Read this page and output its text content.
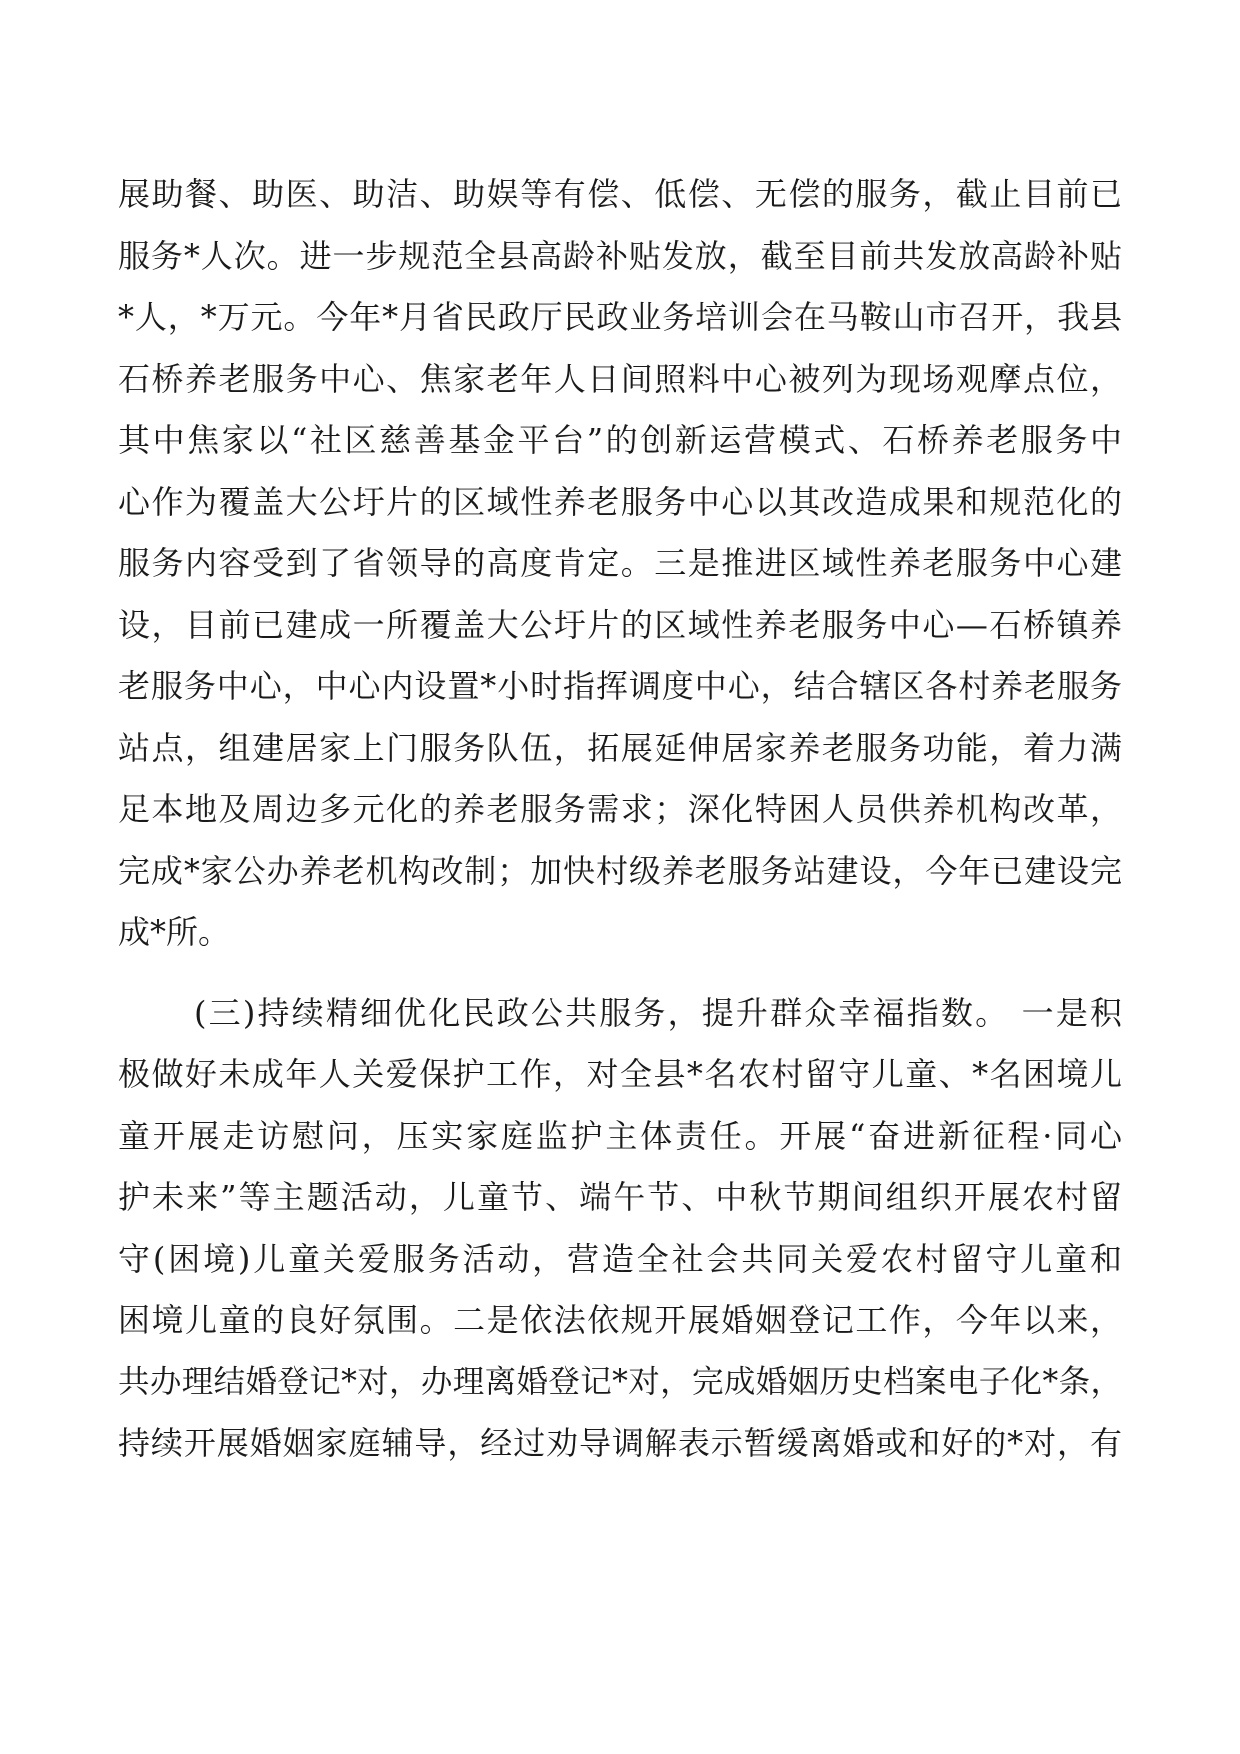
展助餐、助医、助洁、助娱等有偿、低偿、无偿的服务，截止目前已
服务*人次。进一步规范全县高龄补贴发放，截至目前共发放高龄补贴
*人，*万元。今年*月省民政厅民政业务培训会在马鞍山市召开，我县
石桥养老服务中心、焦家老年人日间照料中心被列为现场观摩点位，
其中焦家以“社区慈善基金平台”的创新运营模式、石桥养老服务中
心作为覆盖大公圩片的区域性养老服务中心以其改造成果和规范化的
服务内容受到了省领导的高度肯定。三是推进区域性养老服务中心建
设，目前已建成一所覆盖大公圩片的区域性养老服务中心—石桥镇养
老服务中心，中心内设置*小时指挥调度中心，结合辖区各村养老服务
站点，组建居家上门服务队伍，拓展延伸居家养老服务功能，着力满
足本地及周边多元化的养老服务需求；深化特困人员供养机构改革，
完成*家公办养老机构改制；加快村级养老服务站建设，今年已建设完
成*所。
(三)持续精细优化民政公共服务，提升群众幸福指数。 一是积
极做好未成年人关爱保护工作，对全县*名农村留守儿童、*名困境儿
童开展走访慰问，压实家庭监护主体责任。开展“奋进新征程·同心
护未来”等主题活动，儿童节、端午节、中秋节期间组织开展农村留
守(困境)儿童关爱服务活动，营造全社会共同关爱农村留守儿童和
困境儿童的良好氛围。二是依法依规开展婚姻登记工作，今年以来，
共办理结婚登记*对，办理离婚登记*对，完成婚姻历史档案电子化*条，
持续开展婚姻家庭辅导，经过劝导调解表示暂缓离婚或和好的*对，有
